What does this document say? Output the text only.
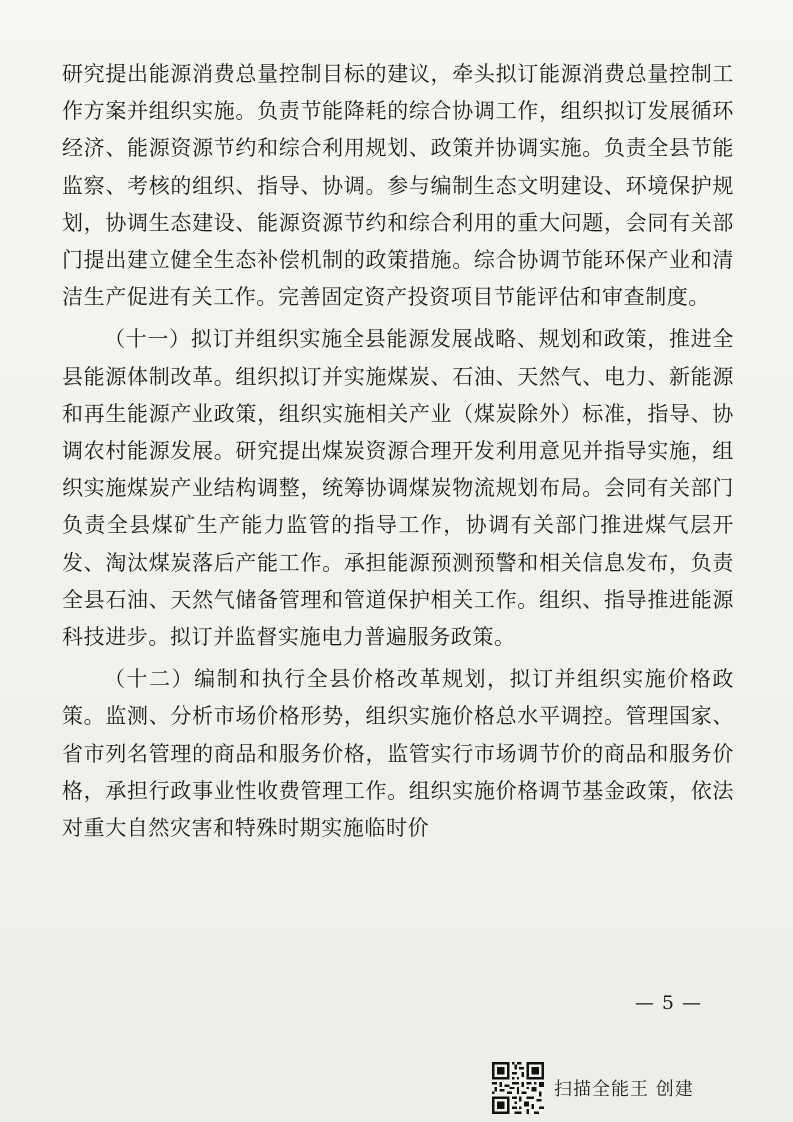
研究提出能源消费总量控制目标的建议，牵头拟订能源消费总量控制工作方案并组织实施。负责节能降耗的综合协调工作，组织拟订发展循环经济、能源资源节约和综合利用规划、政策并协调实施。负责全县节能监察、考核的组织、指导、协调。参与编制生态文明建设、环境保护规划，协调生态建设、能源资源节约和综合利用的重大问题，会同有关部门提出建立健全生态补偿机制的政策措施。综合协调节能环保产业和清洁生产促进有关工作。完善固定资产投资项目节能评估和审查制度。

（十一）拟订并组织实施全县能源发展战略、规划和政策，推进全县能源体制改革。组织拟订并实施煤炭、石油、天然气、电力、新能源和再生能源产业政策，组织实施相关产业（煤炭除外）标准，指导、协调农村能源发展。研究提出煤炭资源合理开发利用意见并指导实施，组织实施煤炭产业结构调整，统筹协调煤炭物流规划布局。会同有关部门负责全县煤矿生产能力监管的指导工作，协调有关部门推进煤气层开发、淘汰煤炭落后产能工作。承担能源预测预警和相关信息发布，负责全县石油、天然气储备管理和管道保护相关工作。组织、指导推进能源科技进步。拟订并监督实施电力普遍服务政策。

（十二）编制和执行全县价格改革规划，拟订并组织实施价格政策。监测、分析市场价格形势，组织实施价格总水平调控。管理国家、省市列名管理的商品和服务价格，监管实行市场调节价的商品和服务价格，承担行政事业性收费管理工作。组织实施价格调节基金政策，依法对重大自然灾害和特殊时期实施临时价

— 5 —
扫描全能王 创建
